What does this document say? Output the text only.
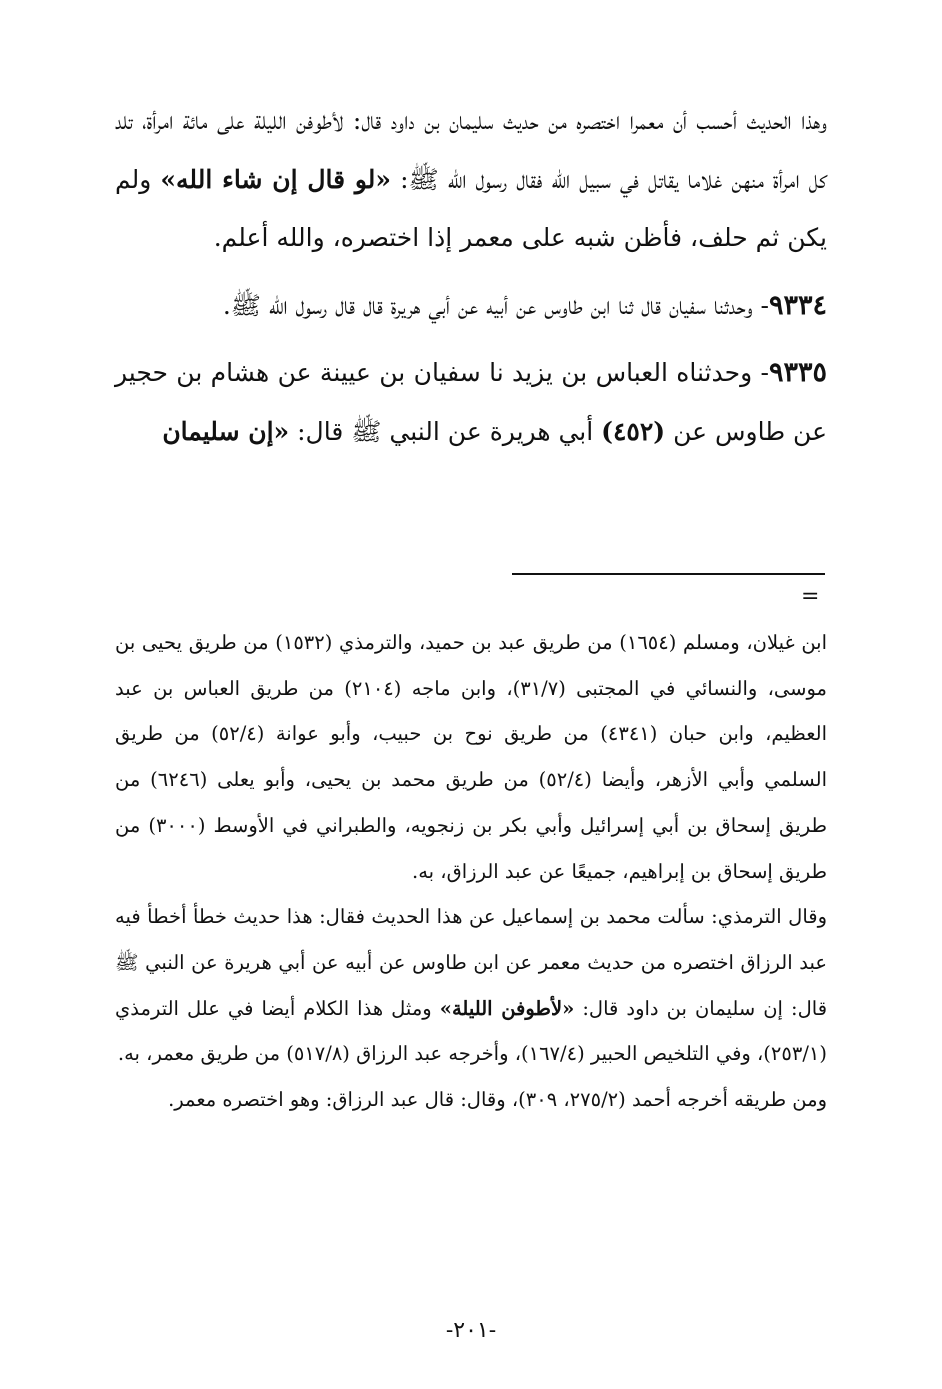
وهذا الحديث أحسب أن معمرا اختصره من حديث سليمان بن داود قال: لأطوفن الليلة على مائة امرأة، تلد كل امرأة منهن غلاما يقاتل في سبيل الله فقال رسول الله ﷺ: «لو قال إن شاء الله» ولم يكن ثم حلف، فأظن شبه على معمر إذا اختصره، والله أعلم.

٩٣٣٤- وحدثنا سفيان قال ثنا ابن طاوس عن أبيه عن أبي هريرة قال قال رسول الله ﷺ.

٩٣٣٥- وحدثناه العباس بن يزيد نا سفيان بن عيينة عن هشام بن حجير عن طاوس عن (٤٥٢) أبي هريرة عن النبي ﷺ قال: «إن سليمان

=

ابن غيلان، ومسلم (١٦٥٤) من طريق عبد بن حميد، والترمذي (١٥٣٢) من طريق يحيى بن موسى، والنسائي في المجتبى (٣١/٧)، وابن ماجه (٢١٠٤) من طريق العباس بن عبد العظيم، وابن حبان (٤٣٤١) من طريق نوح بن حبيب، وأبو عوانة (٥٢/٤) من طريق السلمي وأبي الأزهر، وأيضا (٥٢/٤) من طريق محمد بن يحيى، وأبو يعلى (٦٢٤٦) من طريق إسحاق بن أبي إسرائيل وأبي بكر بن زنجويه، والطبراني في الأوسط (٣٠٠٠) من طريق إسحاق بن إبراهيم، جميعًا عن عبد الرزاق، به.

وقال الترمذي: سألت محمد بن إسماعيل عن هذا الحديث فقال: هذا حديث خطأ أخطأ فيه عبد الرزاق اختصره من حديث معمر عن ابن طاوس عن أبيه عن أبي هريرة عن النبي ﷺ قال: إن سليمان بن داود قال: «لأطوفن الليلة» ومثل هذا الكلام أيضا في علل الترمذي (٢٥٣/١)، وفي التلخيص الحبير (١٦٧/٤)، وأخرجه عبد الرزاق (٥١٧/٨) من طريق معمر، به.

ومن طريقه أخرجه أحمد (٢٧٥/٢، ٣٠٩)، وقال: قال عبد الرزاق: وهو اختصره معمر.

-٢٠١-
